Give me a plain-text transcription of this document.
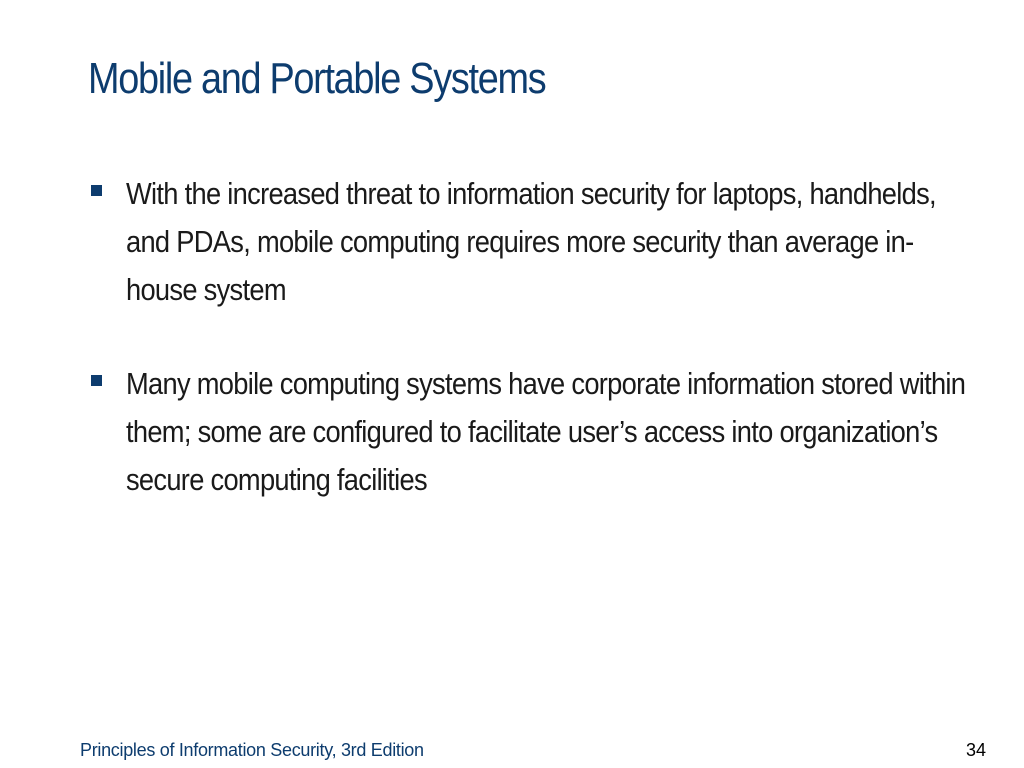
Mobile and Portable Systems
With the increased threat to information security for laptops, handhelds, and PDAs, mobile computing requires more security than average in-house system
Many mobile computing systems have corporate information stored within them; some are configured to facilitate user’s access into organization’s secure computing facilities
Principles of Information Security, 3rd Edition	34
